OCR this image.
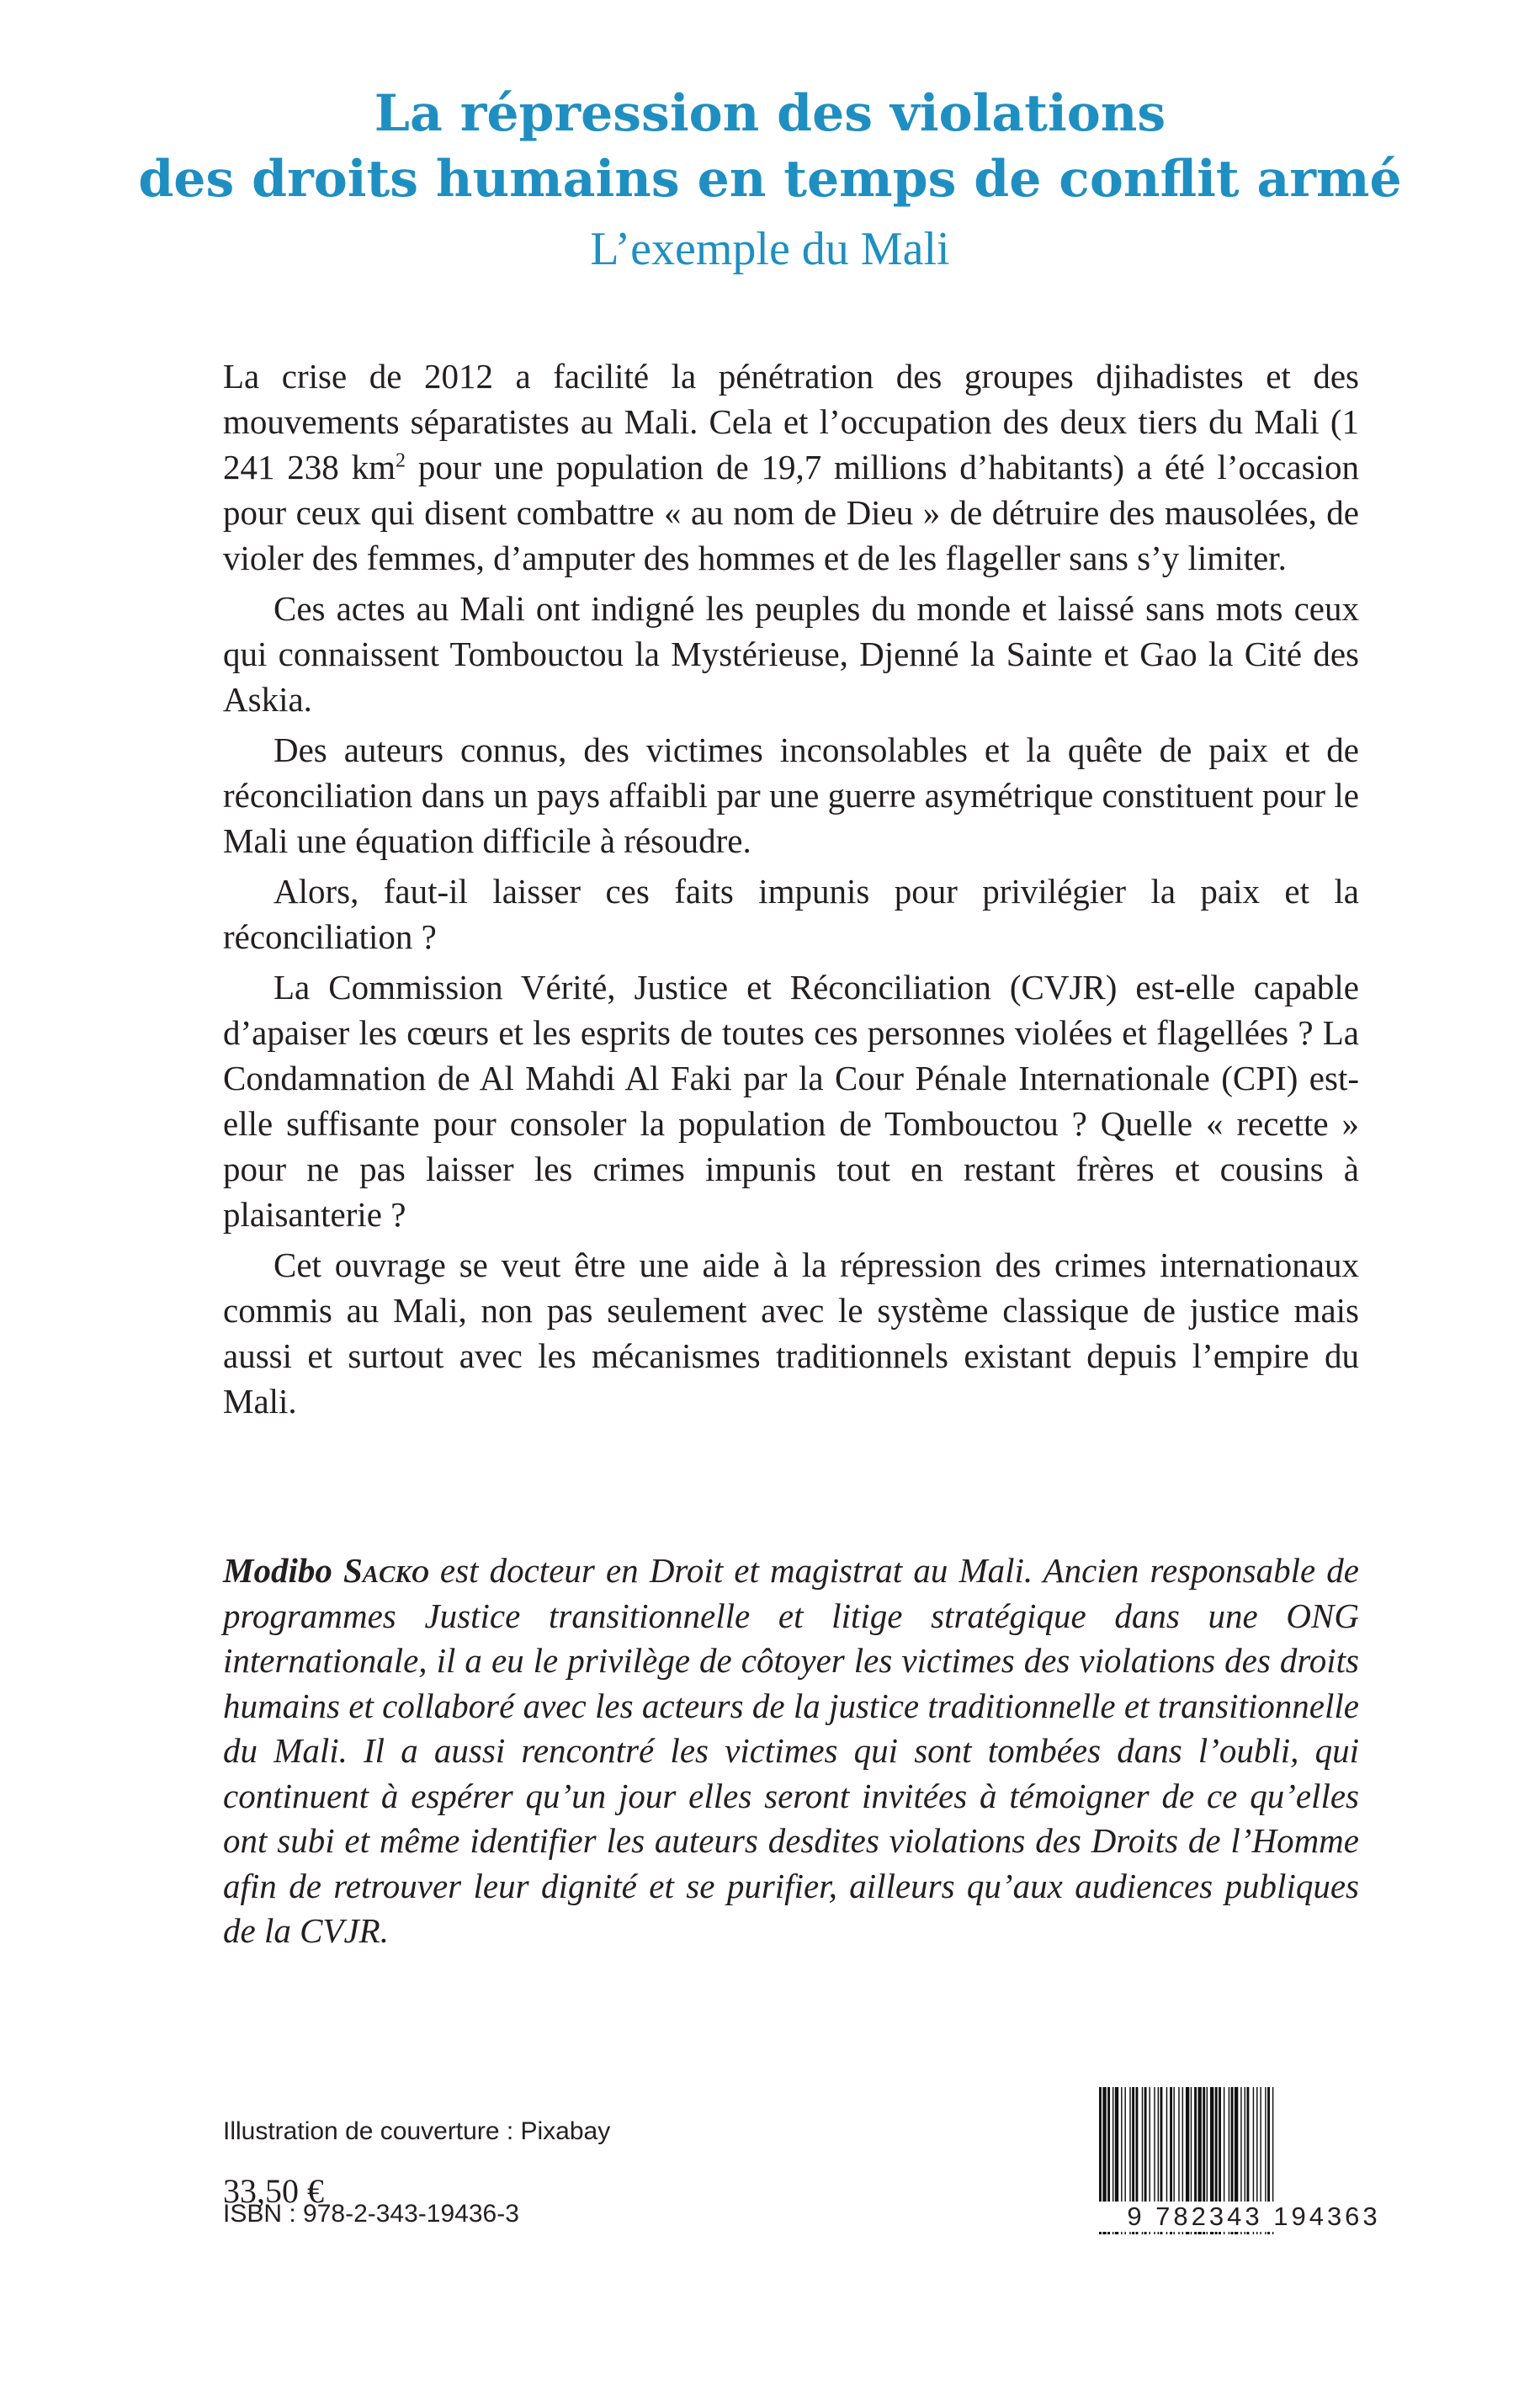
La répression des violations
des droits humains en temps de conflit armé
L’exemple du Mali

La crise de 2012 a facilité la pénétration des groupes djihadistes et des mouvements séparatistes au Mali. Cela et l’occupation des deux tiers du Mali (1 241 238 $km^2$ pour une population de 19,7 millions d’habitants) a été l’occasion pour ceux qui disent combattre « au nom de Dieu » de détruire des mausolées, de violer des femmes, d’amputer des hommes et de les flageller sans s’y limiter.

Ces actes au Mali ont indigné les peuples du monde et laissé sans mots ceux qui connaissent Tombouctou la Mystérieuse, Djenné la Sainte et Gao la Cité des Askia.

Des auteurs connus, des victimes inconsolables et la quête de paix et de réconciliation dans un pays affaibli par une guerre asymétrique constituent pour le Mali une équation difficile à résoudre.

Alors, faut-il laisser ces faits impunis pour privilégier la paix et la réconciliation ?

La Commission Vérité, Justice et Réconciliation (CVJR) est-elle capable d’apaiser les cœurs et les esprits de toutes ces personnes violées et flagellées ? La Condamnation de Al Mahdi Al Faki par la Cour Pénale Internationale (CPI) est-elle suffisante pour consoler la population de Tombouctou ? Quelle « recette » pour ne pas laisser les crimes impunis tout en restant frères et cousins à plaisanterie ?

Cet ouvrage se veut être une aide à la répression des crimes internationaux commis au Mali, non pas seulement avec le système classique de justice mais aussi et surtout avec les mécanismes traditionnels existant depuis l’empire du Mali.

Modibo Sacko est docteur en Droit et magistrat au Mali. Ancien responsable de programmes Justice transitionnelle et litige stratégique dans une ONG internationale, il a eu le privilège de côtoyer les victimes des violations des droits humains et collaboré avec les acteurs de la justice traditionnelle et transitionnelle du Mali. Il a aussi rencontré les victimes qui sont tombées dans l’oubli, qui continuent à espérer qu’un jour elles seront invitées à témoigner de ce qu’elles ont subi et même identifier les auteurs desdites violations des Droits de l’Homme afin de retrouver leur dignité et se purifier, ailleurs qu’aux audiences publiques de la CVJR.
Illustration de couverture : Pixabay
ISBN : 978-2-343-19436-3
33,50 €
9 782343 194363
